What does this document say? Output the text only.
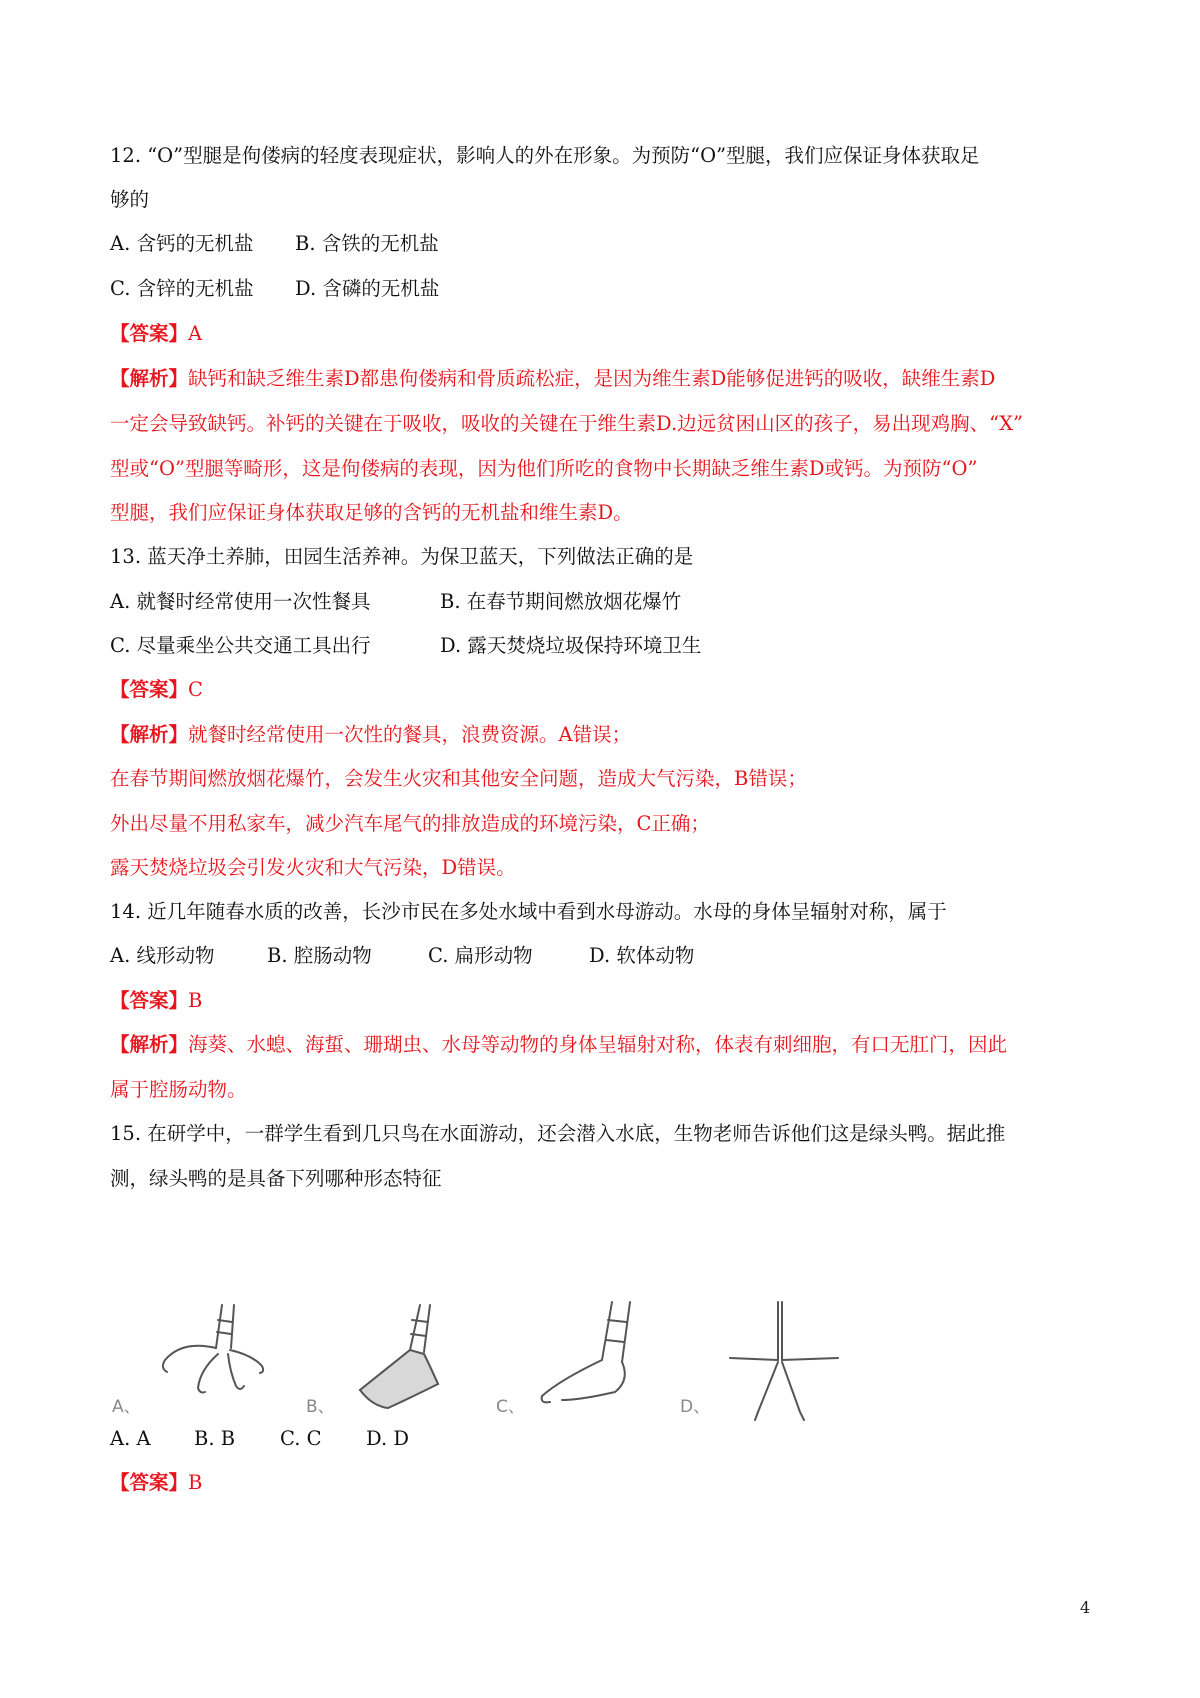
12. “O”型腿是佝偻病的轻度表现症状，影响人的外在形象。为预防“O”型腿，我们应保证身体获取足
够的
A. 含钙的无机盐 B. 含铁的无机盐
C. 含锌的无机盐 D. 含磷的无机盐
【答案】A
【解析】缺钙和缺乏维生素D都患佝偻病和骨质疏松症，是因为维生素D能够促进钙的吸收，缺维生素D
一定会导致缺钙。补钙的关键在于吸收，吸收的关键在于维生素D.边远贫困山区的孩子，易出现鸡胸、“X”
型或“O”型腿等畸形，这是佝偻病的表现，因为他们所吃的食物中长期缺乏维生素D或钙。为预防“O”
型腿，我们应保证身体获取足够的含钙的无机盐和维生素D。
13. 蓝天净土养肺，田园生活养神。为保卫蓝天，下列做法正确的是
A. 就餐时经常使用一次性餐具	B. 在春节期间燃放烟花爆竹
C. 尽量乘坐公共交通工具出行	D. 露天焚烧垃圾保持环境卫生
【答案】C
【解析】就餐时经常使用一次性的餐具，浪费资源。A错误；
在春节期间燃放烟花爆竹，会发生火灾和其他安全问题，造成大气污染，B错误；
外出尽量不用私家车，减少汽车尾气的排放造成的环境污染，C正确；
露天焚烧垃圾会引发火灾和大气污染，D错误。
14. 近几年随春水质的改善，长沙市民在多处水域中看到水母游动。水母的身体呈辐射对称，属于
A. 线形动物	B. 腔肠动物	C. 扁形动物	D. 软体动物
【答案】B
【解析】海葵、水螅、海蜇、珊瑚虫、水母等动物的身体呈辐射对称，体表有刺细胞，有口无肛门，因此
属于腔肠动物。
15. 在研学中，一群学生看到几只鸟在水面游动，还会潜入水底，生物老师告诉他们这是绿头鸭。据此推
测，绿头鸭的是具备下列哪种形态特征
A、	B、	C、	D、
A. A B. B C. C D. D
【答案】B
4
